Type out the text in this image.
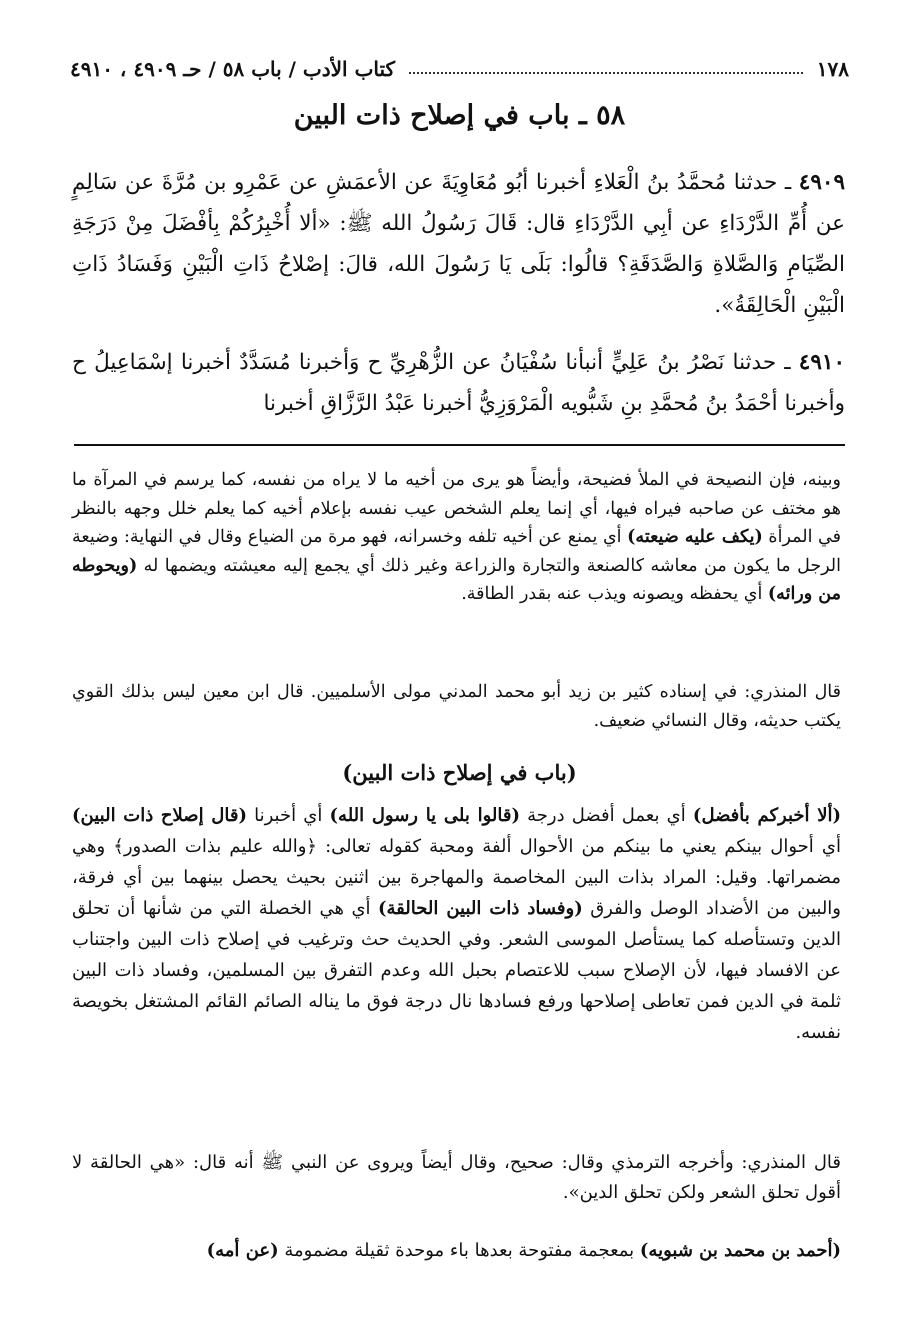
١٧٨
كتاب الأدب / باب ٥٨ / حـ ٤٩٠٩ ، ٤٩١٠
٥٨ ـ باب في إصلاح ذات البين
٤٩٠٩ ـ حدثنا مُحمَّدُ بنُ الْعَلاءِ أخبرنا أبُو مُعَاوِيَةَ عن الأعمَشِ عن عَمْرِو بن مُرَّةَ عن سَالِمٍ عن أُمِّ الدَّرْدَاءِ عن أبِي الدَّرْدَاءِ قال: قَالَ رَسُولُ الله ﷺ: «ألا أُخْبِرُكُمْ بِأفْضَلَ مِنْ دَرَجَةِ الصِّيَامِ وَالصَّلاةِ وَالصَّدَقَةِ؟ قالُوا: بَلَى يَا رَسُولَ الله، قالَ: إصْلاحُ ذَاتِ الْبَيْنِ وَفَسَادُ ذَاتِ الْبَيْنِ الْحَالِقَةُ».
٤٩١٠ ـ حدثنا نَصْرُ بنُ عَلِيٍّ أنبأنا سُفْيَانُ عن الزُّهْرِيِّ ح وَأخبرنا مُسَدَّدٌ أخبرنا إسْمَاعِيلُ ح وأخبرنا أحْمَدُ بنُ مُحمَّدِ بنِ شَبُّويه الْمَرْوَزِيُّ أخبرنا عَبْدُ الرَّزَّاقِ أخبرنا
وبينه، فإن النصيحة في الملأ فضيحة، وأيضاً هو يرى من أخيه ما لا يراه من نفسه، كما يرسم في المرآة ما هو مختف عن صاحبه فيراه فيها، أي إنما يعلم الشخص عيب نفسه بإعلام أخيه كما يعلم خلل وجهه بالنظر في المرأة (يكف عليه ضيعته) أي يمنع عن أخيه تلفه وخسرانه، فهو مرة من الضياع وقال في النهاية: وضيعة الرجل ما يكون من معاشه كالصنعة والتجارة والزراعة وغير ذلك أي يجمع إليه معيشته ويضمها له (ويحوطه من ورائه) أي يحفظه ويصونه ويذب عنه بقدر الطاقة.
قال المنذري: في إسناده كثير بن زيد أبو محمد المدني مولى الأسلميين. قال ابن معين ليس بذلك القوي يكتب حديثه، وقال النسائي ضعيف.
(باب في إصلاح ذات البين)
(ألا أخبركم بأفضل) أي بعمل أفضل درجة (قالوا بلى يا رسول الله) أي أخبرنا (قال إصلاح ذات البين) أي أحوال بينكم يعني ما بينكم من الأحوال ألفة ومحبة كقوله تعالى: ﴿والله عليم بذات الصدور﴾ وهي مضمراتها. وقيل: المراد بذات البين المخاصمة والمهاجرة بين اثنين بحيث يحصل بينهما بين أي فرقة، والبين من الأضداد الوصل والفرق (وفساد ذات البين الحالقة) أي هي الخصلة التي من شأنها أن تحلق الدين وتستأصله كما يستأصل الموسى الشعر. وفي الحديث حث وترغيب في إصلاح ذات البين واجتناب عن الافساد فيها، لأن الإصلاح سبب للاعتصام بحبل الله وعدم التفرق بين المسلمين، وفساد ذات البين ثلمة في الدين فمن تعاطى إصلاحها ورفع فسادها نال درجة فوق ما يناله الصائم القائم المشتغل بخويصة نفسه.
قال المنذري: وأخرجه الترمذي وقال: صحيح، وقال أيضاً ويروى عن النبي ﷺ أنه قال: «هي الحالقة لا أقول تحلق الشعر ولكن تحلق الدين».
(أحمد بن محمد بن شبويه) بمعجمة مفتوحة بعدها باء موحدة ثقيلة مضمومة (عن أمه)
